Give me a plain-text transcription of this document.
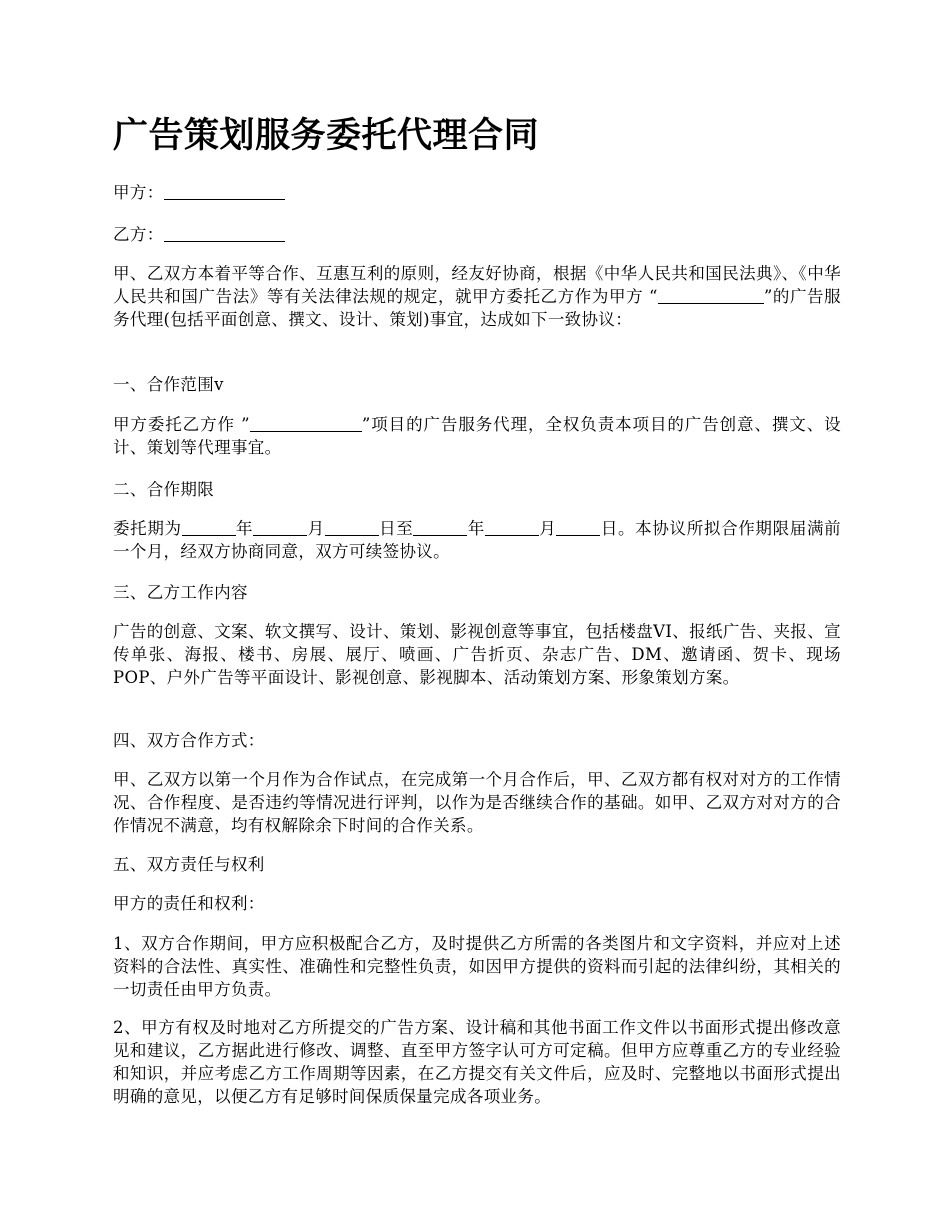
广告策划服务委托代理合同

甲方：

乙方：

甲、乙双方本着平等合作、互惠互利的原则，经友好协商，根据《中华人民共和国民法典》、《中华人民共和国广告法》等有关法律法规的规定，就甲方委托乙方作为甲方 “	”的广告服务代理(包括平面创意、撰文、设计、策划)事宜，达成如下一致协议：

一、合作范围v

甲方委托乙方作 ”	”项目的广告服务代理，全权负责本项目的广告创意、撰文、设计、策划等代理事宜。

二、合作期限

委托期为	年	月	日至	年	月	日。本协议所拟合作期限届满前一个月，经双方协商同意，双方可续签协议。

三、乙方工作内容

广告的创意、文案、软文撰写、设计、策划、影视创意等事宜，包括楼盘VI、报纸广告、夹报、宣传单张、海报、楼书、房展、展厅、喷画、广告折页、杂志广告、DM、邀请函、贺卡、现场POP、户外广告等平面设计、影视创意、影视脚本、活动策划方案、形象策划方案。

四、双方合作方式：

甲、乙双方以第一个月作为合作试点，在完成第一个月合作后，甲、乙双方都有权对对方的工作情况、合作程度、是否违约等情况进行评判，以作为是否继续合作的基础。如甲、乙双方对对方的合作情况不满意，均有权解除余下时间的合作关系。

五、双方责任与权利

甲方的责任和权利：

1、双方合作期间，甲方应积极配合乙方，及时提供乙方所需的各类图片和文字资料，并应对上述资料的合法性、真实性、准确性和完整性负责，如因甲方提供的资料而引起的法律纠纷，其相关的一切责任由甲方负责。

2、甲方有权及时地对乙方所提交的广告方案、设计稿和其他书面工作文件以书面形式提出修改意见和建议，乙方据此进行修改、调整、直至甲方签字认可方可定稿。但甲方应尊重乙方的专业经验和知识，并应考虑乙方工作周期等因素，在乙方提交有关文件后，应及时、完整地以书面形式提出明确的意见，以便乙方有足够时间保质保量完成各项业务。
